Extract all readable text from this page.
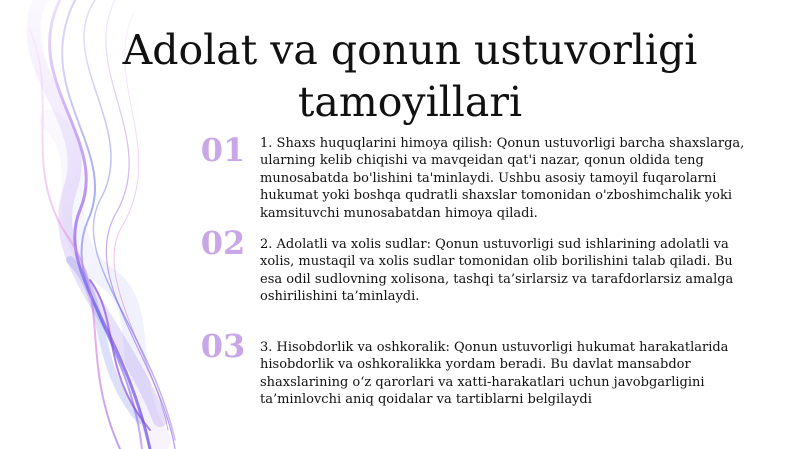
Adolat va qonun ustuvorligi tamoyillari
01	1. Shaxs huquqlarini himoya qilish: Qonun ustuvorligi barcha shaxslarga, ularning kelib chiqishi va mavqeidan qat'i nazar, qonun oldida teng munosabatda bo'lishini ta'minlaydi. Ushbu asosiy tamoyil fuqarolarni hukumat yoki boshqa qudratli shaxslar tomonidan o'zboshimchalik yoki kamsituvchi munosabatdan himoya qiladi.

02	2. Adolatli va xolis sudlar: Qonun ustuvorligi sud ishlarining adolatli va xolis, mustaqil va xolis sudlar tomonidan olib borilishini talab qiladi. Bu esa odil sudlovning xolisona, tashqi ta’sirlarsiz va tarafdorlarsiz amalga oshirilishini ta’minlaydi.

03	3. Hisobdorlik va oshkoralik: Qonun ustuvorligi hukumat harakatlarida hisobdorlik va oshkoralikka yordam beradi. Bu davlat mansabdor shaxslarining o‘z qarorlari va xatti-harakatlari uchun javobgarligini ta’minlovchi aniq qoidalar va tartiblarni belgilaydi
